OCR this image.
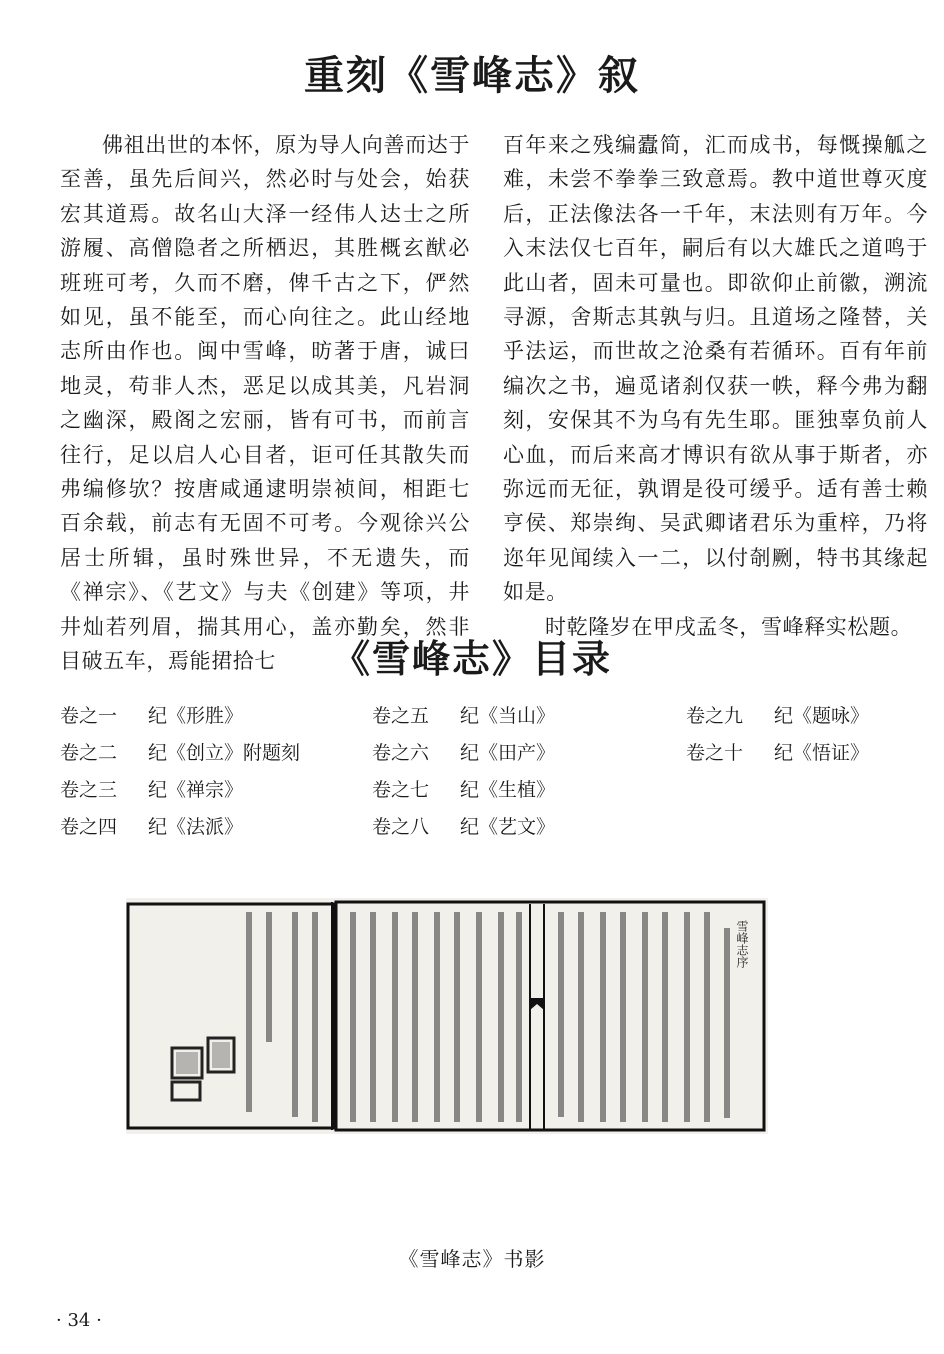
重刻《雪峰志》叙

佛祖出世的本怀，原为导人向善而达于至善，虽先后间兴，然必时与处会，始获宏其道焉。故名山大泽一经伟人达士之所游履、高僧隐者之所栖迟，其胜概玄猷必班班可考，久而不磨，俾千古之下，俨然如见，虽不能至，而心向往之。此山经地志所由作也。闽中雪峰，昉著于唐，诚曰地灵，苟非人杰，恶足以成其美，凡岩洞之幽深，殿阁之宏丽，皆有可书，而前言往行，足以启人心目者，讵可任其散失而弗编修欤？按唐咸通逮明崇祯间，相距七百余载，前志有无固不可考。今观徐兴公居士所辑，虽时殊世异，不无遗失，而《禅宗》、《艺文》与夫《创建》等项，井井灿若列眉，揣其用心，盖亦勤矣，然非目破五车，焉能捃拾七

百年来之残编蠹简，汇而成书，每慨操觚之难，未尝不拳拳三致意焉。教中道世尊灭度后，正法像法各一千年，末法则有万年。今入末法仅七百年，嗣后有以大雄氏之道鸣于此山者，固未可量也。即欲仰止前徽，溯流寻源，舍斯志其孰与归。且道场之隆替，关乎法运，而世故之沧桑有若循环。百有年前编次之书，遍觅诸刹仅获一帙，释今弗为翻刻，安保其不为乌有先生耶。匪独辜负前人心血，而后来高才博识有欲从事于斯者，亦弥远而无征，孰谓是役可缓乎。适有善士赖亨侯、郑崇绚、吴武卿诸君乐为重梓，乃将迩年见闻续入一二，以付剞劂，特书其缘起如是。

时乾隆岁在甲戌孟冬，雪峰释实松题。

《雪峰志》目录
卷之一 纪《形胜》
卷之二 纪《创立》附题刻
卷之三 纪《禅宗》
卷之四 纪《法派》
卷之五 纪《当山》
卷之六 纪《田产》
卷之七 纪《生植》
卷之八 纪《艺文》
卷之九 纪《题咏》
卷之十 纪《悟证》
雪峰志序
《雪峰志》书影
· 34 ·
